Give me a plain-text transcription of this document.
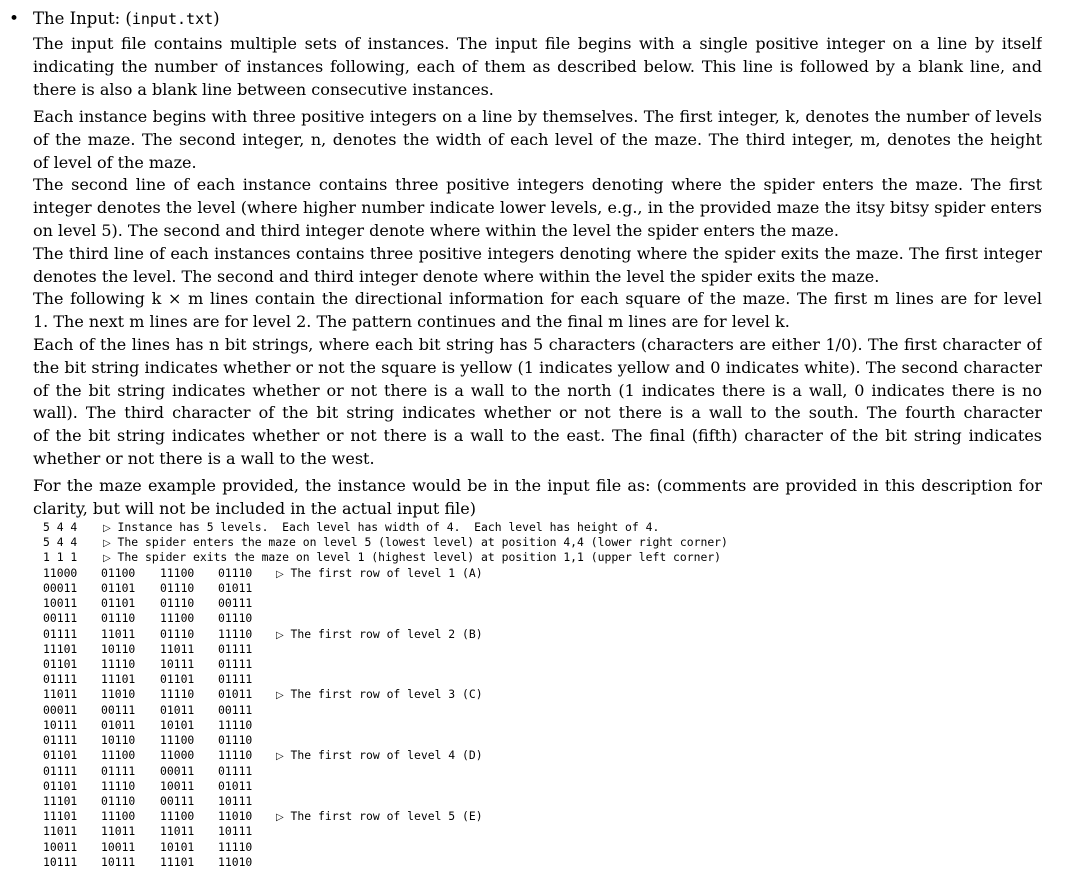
• The Input: (input.txt)
The input file contains multiple sets of instances. The input file begins with a single positive integer on a line by itself
indicating the number of instances following, each of them as described below. This line is followed by a blank line, and
there is also a blank line between consecutive instances.
Each instance begins with three positive integers on a line by themselves. The first integer, k, denotes the number of levels
of the maze. The second integer, n, denotes the width of each level of the maze. The third integer, m, denotes the height
of level of the maze.
The second line of each instance contains three positive integers denoting where the spider enters the maze. The first
integer denotes the level (where higher number indicate lower levels, e.g., in the provided maze the itsy bitsy spider enters
on level 5). The second and third integer denote where within the level the spider enters the maze.
The third line of each instances contains three positive integers denoting where the spider exits the maze. The first integer
denotes the level. The second and third integer denote where within the level the spider exits the maze.
The following k × m lines contain the directional information for each square of the maze. The first m lines are for level
1. The next m lines are for level 2. The pattern continues and the final m lines are for level k.
Each of the lines has n bit strings, where each bit string has 5 characters (characters are either 1/0). The first character of
the bit string indicates whether or not the square is yellow (1 indicates yellow and 0 indicates white). The second character
of the bit string indicates whether or not there is a wall to the north (1 indicates there is a wall, 0 indicates there is no
wall). The third character of the bit string indicates whether or not there is a wall to the south. The fourth character
of the bit string indicates whether or not there is a wall to the east. The final (fifth) character of the bit string indicates
whether or not there is a wall to the west.
For the maze example provided, the instance would be in the input file as: (comments are provided in this description for
clarity, but will not be included in the actual input file)
5 4 4	▷ Instance has 5 levels.  Each level has width of 4.  Each level has height of 4.
5 4 4	▷ The spider enters the maze on level 5 (lowest level) at position 4,4 (lower right corner)
1 1 1	▷ The spider exits the maze on level 1 (highest level) at position 1,1 (upper left corner)
11000 01100 11100 01110 ▷ The first row of level 1 (A)
00011 01101 01110 01011
10011 01101 01110 00111
00111 01110 11100 01110
01111 11011 01110 11110 ▷ The first row of level 2 (B)
11101 10110 11011 01111
01101 11110 10111 01111
01111 11101 01101 01111
11011 11010 11110 01011 ▷ The first row of level 3 (C)
00011 00111 01011 00111
10111 01011 10101 11110
01111 10110 11100 01110
01101 11100 11000 11110 ▷ The first row of level 4 (D)
01111 01111 00011 01111
01101 11110 10011 01011
11101 01110 00111 10111
11101 11100 11100 11010 ▷ The first row of level 5 (E)
11011 11011 11011 10111
10011 10011 10101 11110
10111 10111 11101 11010
